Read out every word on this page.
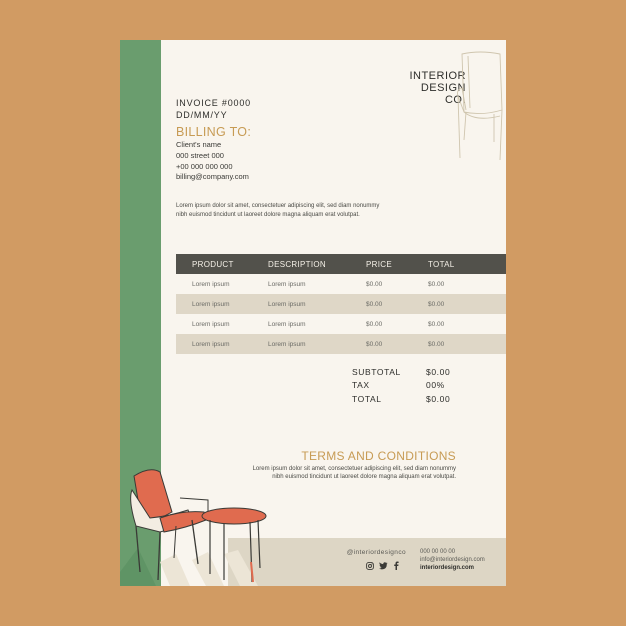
INTERIOR
DESIGN
CO.
INVOICE #0000
DD/MM/YY
BILLING TO:
Client's name
000 street 000
+00 000 000 000
billing@company.com
Lorem ipsum dolor sit amet, consectetuer adipiscing elit, sed diam nonummy
nibh euismod tincidunt ut laoreet dolore magna aliquam erat volutpat.
PRODUCT	DESCRIPTION	PRICE	TOTAL
Lorem ipsum	Lorem ipsum	$0.00	$0.00
Lorem ipsum	Lorem ipsum	$0.00	$0.00
Lorem ipsum	Lorem ipsum	$0.00	$0.00
Lorem ipsum	Lorem ipsum	$0.00	$0.00
SUBTOTAL	$0.00
TAX	00%
TOTAL	$0.00
TERMS AND CONDITIONS
Lorem ipsum dolor sit amet, consectetuer adipiscing elit, sed diam nonummy
nibh euismod tincidunt ut laoreet dolore magna aliquam erat volutpat.
@interiordesignco 000 00 00 00
info@interiordesign.com
interiordesign.com
